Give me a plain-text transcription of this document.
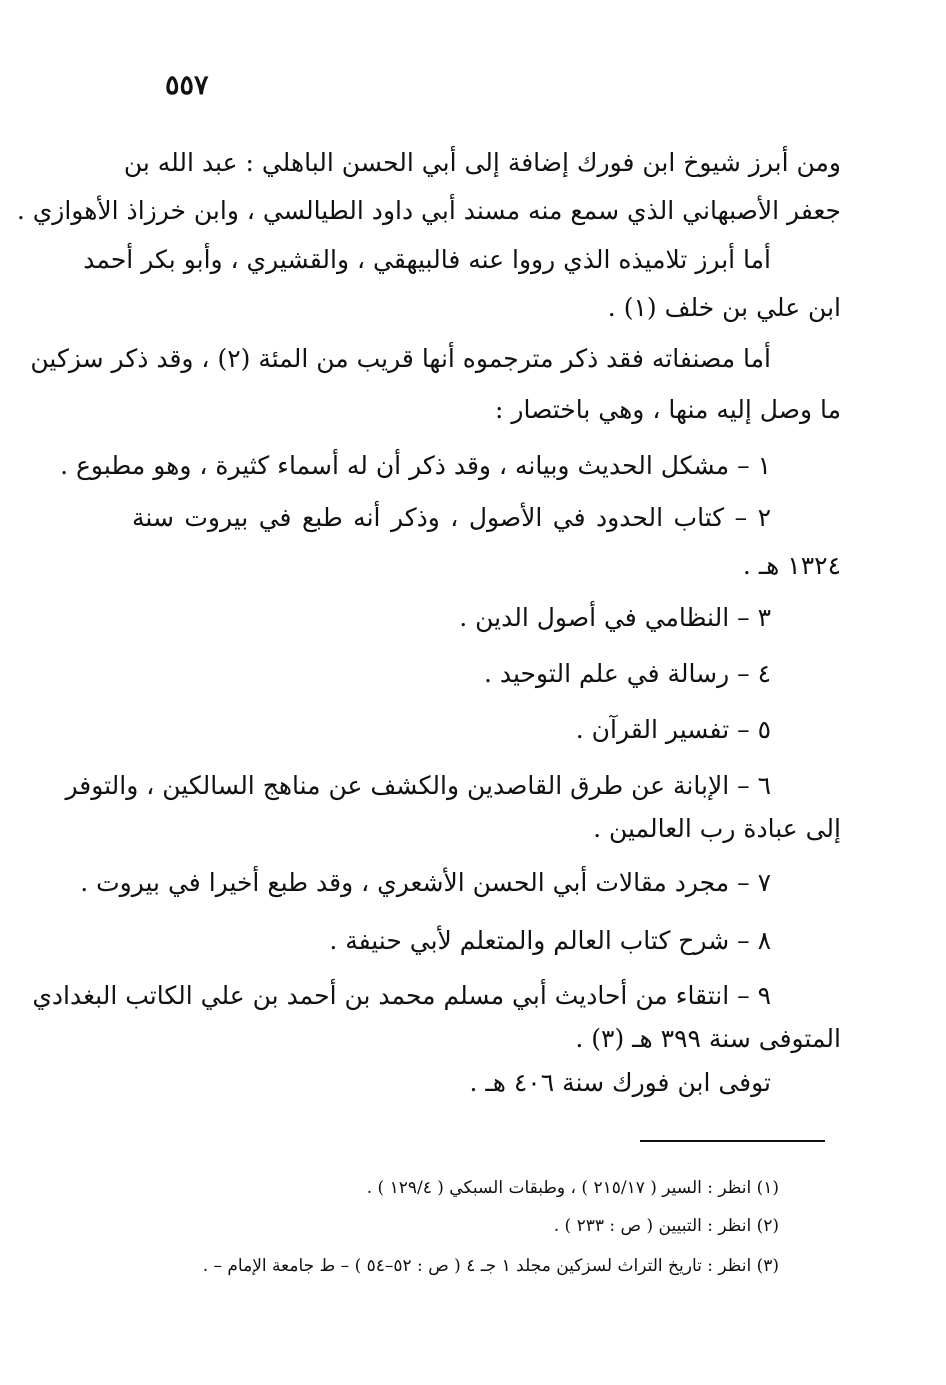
٥٥٧
ومن أبرز شيوخ ابن فورك إضافة إلى أبي الحسن الباهلي : عبد الله بن
جعفر الأصبهاني الذي سمع منه مسند أبي داود الطيالسي ، وابن خرزاذ الأهوازي .
أما أبرز تلاميذه الذي رووا عنه فالبيهقي ، والقشيري ، وأبو بكر أحمد
ابن علي بن خلف (١) .
أما مصنفاته فقد ذكر مترجموه أنها قريب من المئة (٢) ، وقد ذكر سزكين
ما وصل إليه منها ، وهي باختصار :
١ – مشكل الحديث وبيانه ، وقد ذكر أن له أسماء كثيرة ، وهو مطبوع .
٢ – كتاب الحدود في الأصول ، وذكر أنه طبع في بيروت سنة
١٣٢٤ هـ .
٣ – النظامي في أصول الدين .
٤ – رسالة في علم التوحيد .
٥ – تفسير القرآن .
٦ – الإبانة عن طرق القاصدين والكشف عن مناهج السالكين ، والتوفر
إلى عبادة رب العالمين .
٧ – مجرد مقالات أبي الحسن الأشعري ، وقد طبع أخيرا في بيروت .
٨ – شرح كتاب العالم والمتعلم لأبي حنيفة .
٩ – انتقاء من أحاديث أبي مسلم محمد بن أحمد بن علي الكاتب البغدادي
المتوفى سنة ٣٩٩ هـ (٣) .
توفى ابن فورك سنة ٤٠٦ هـ .
(١) انظر : السير ( ٢١٥/١٧ ) ، وطبقات السبكي ( ١٢٩/٤ ) .
(٢) انظر : التبيين ( ص : ٢٣٣ ) .
(٣) انظر : تاريخ التراث لسزكين مجلد ١ جـ ٤ ( ص : ٥٢–٥٤ ) – ط جامعة الإمام – .
